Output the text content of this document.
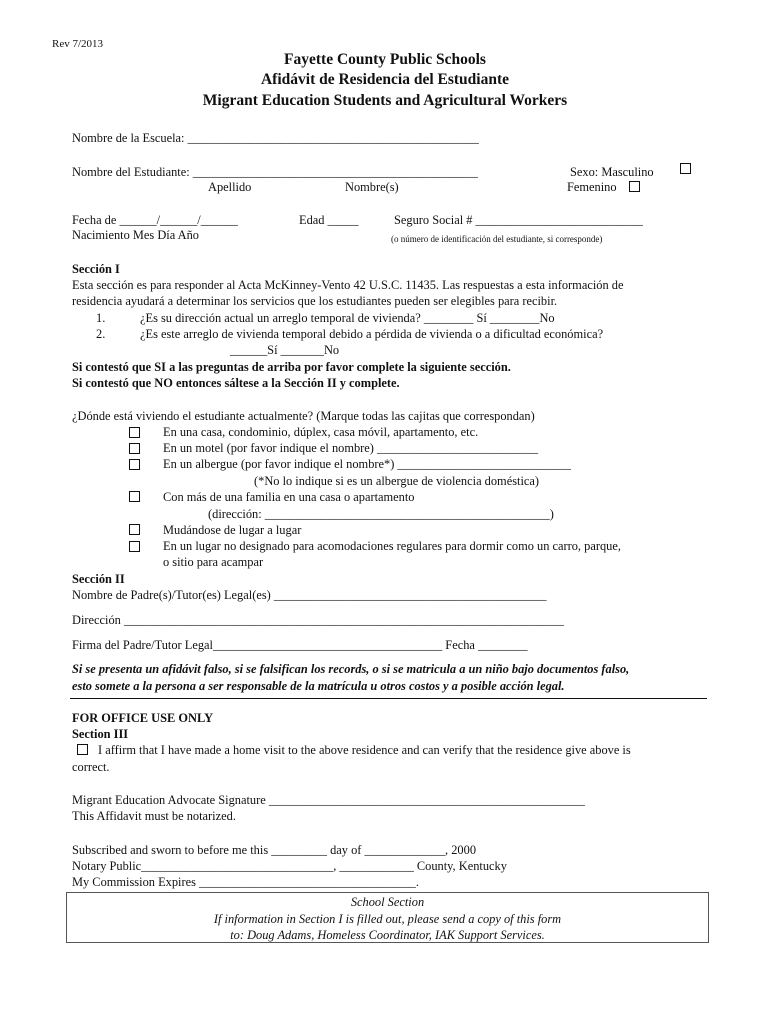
Rev 7/2013
Fayette County Public Schools
Afidávit de Residencia del Estudiante
Migrant Education Students and Agricultural Workers
Nombre de la Escuela: _______________________________________________
Nombre del Estudiante: ______________________________________________	Sexo: Masculino
Apellido	Nombre(s)	Femenino
Fecha de ______/______/______	Edad _____	Seguro Social # ___________________________
Nacimiento Mes Día Año	(o número de identificación del estudiante, si corresponde)
Sección I
Esta sección es para responder al Acta McKinney-Vento 42 U.S.C. 11435. Las respuestas a esta información de
residencia ayudará a determinar los servicios que los estudiantes pueden ser elegibles para recibir.
1.	¿Es su dirección actual un arreglo temporal de vivienda? ________ Sí ________No
2.	¿Es este arreglo de vivienda temporal debido a pérdida de vivienda o a dificultad económica?
______Sí _______No
Si contestó que SI a las preguntas de arriba por favor complete la siguiente sección.
Si contestó que NO entonces sáltese a la Sección II y complete.
¿Dónde está viviendo el estudiante actualmente? (Marque todas las cajitas que correspondan)
En una casa, condominio, dúplex, casa móvil, apartamento, etc.
En un motel (por favor indique el nombre) __________________________
En un albergue (por favor indique el nombre*) ____________________________
(*No lo indique si es un albergue de violencia doméstica)
Con más de una familia en una casa o apartamento
(dirección: ______________________________________________)
Mudándose de lugar a lugar
En un lugar no designado para acomodaciones regulares para dormir como un carro, parque,
o sitio para acampar
Sección II
Nombre de Padre(s)/Tutor(es) Legal(es) ____________________________________________
Dirección _______________________________________________________________________
Firma del Padre/Tutor Legal_____________________________________ Fecha ________
Si se presenta un afidávit falso, si se falsifican los records, o si se matricula a un niño bajo documentos falso,
esto somete a la persona a ser responsable de la matrícula u otros costos y a posible acción legal.
FOR OFFICE USE ONLY
Section III
I affirm that I have made a home visit to the above residence and can verify that the residence give above is
correct.
Migrant Education Advocate Signature ___________________________________________________
This Affidavit must be notarized.
Subscribed and sworn to before me this _________ day of _____________, 2000
Notary Public_______________________________, ____________ County, Kentucky
My Commission Expires ___________________________________.
School Section
If information in Section I is filled out, please send a copy of this form
to: Doug Adams, Homeless Coordinator, IAK Support Services.
